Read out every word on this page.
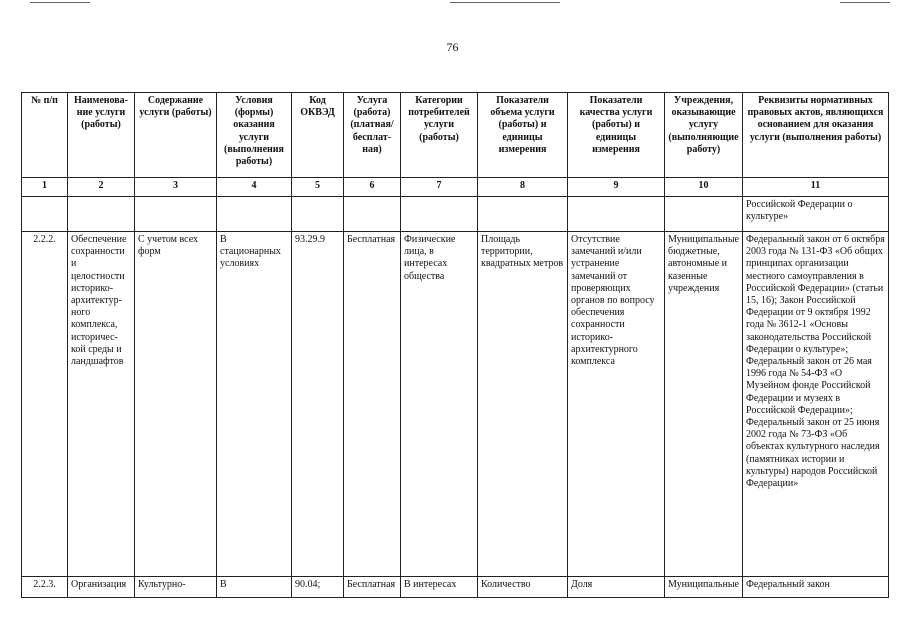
76
№ п/п	Наименова-ние услуги (работы)	Содержание услуги (работы)	Условия (формы) оказания услуги (выполнения работы)	Код ОКВЭД	Услуга (работа) (платная/ бесплат-ная)	Категории потребителей услуги (работы)	Показатели объема услуги (работы) и единицы измерения	Показатели качества услуги (работы) и единицы измерения	Учреждения, оказывающие услугу (выполняющие работу)	Реквизиты нормативных правовых актов, являющихся основанием для оказания услуги (выполнения работы)
1	2	3	4	5	6	7	8	9	10	11
										Российской Федерации о культуре»
2.2.2.	Обеспечение сохранности и целостности историко-архитектур-ного комплекса, историчес-кой среды и ландшафтов	С учетом всех форм	В стационарных условиях	93.29.9	Бесплатная	Физические лица, в интересах общества	Площадь территории, квадратных метров	Отсутствие замечаний и/или устранение замечаний от проверяющих органов по вопросу обеспечения сохранности историко-архитектурного комплекса	Муниципальные бюджетные, автономные и казенные учреждения	Федеральный закон от 6 октября 2003 года № 131-ФЗ «Об общих принципах организации местного самоуправления в Российской Федерации» (статьи 15, 16); Закон Российской Федерации от 9 октября 1992 года № 3612-1 «Основы законодательства Российской Федерации о культуре»; Федеральный закон от 26 мая 1996 года № 54-ФЗ «О Музейном фонде Российской Федерации и музеях в Российской Федерации»; Федеральный закон от 25 июня 2002 года № 73-ФЗ «Об объектах культурного наследия (памятниках истории и культуры) народов Российской Федерации»
2.2.3.	Организация	Культурно-	В	90.04;	Бесплатная	В интересах	Количество	Доля	Муниципальные	Федеральный закон
